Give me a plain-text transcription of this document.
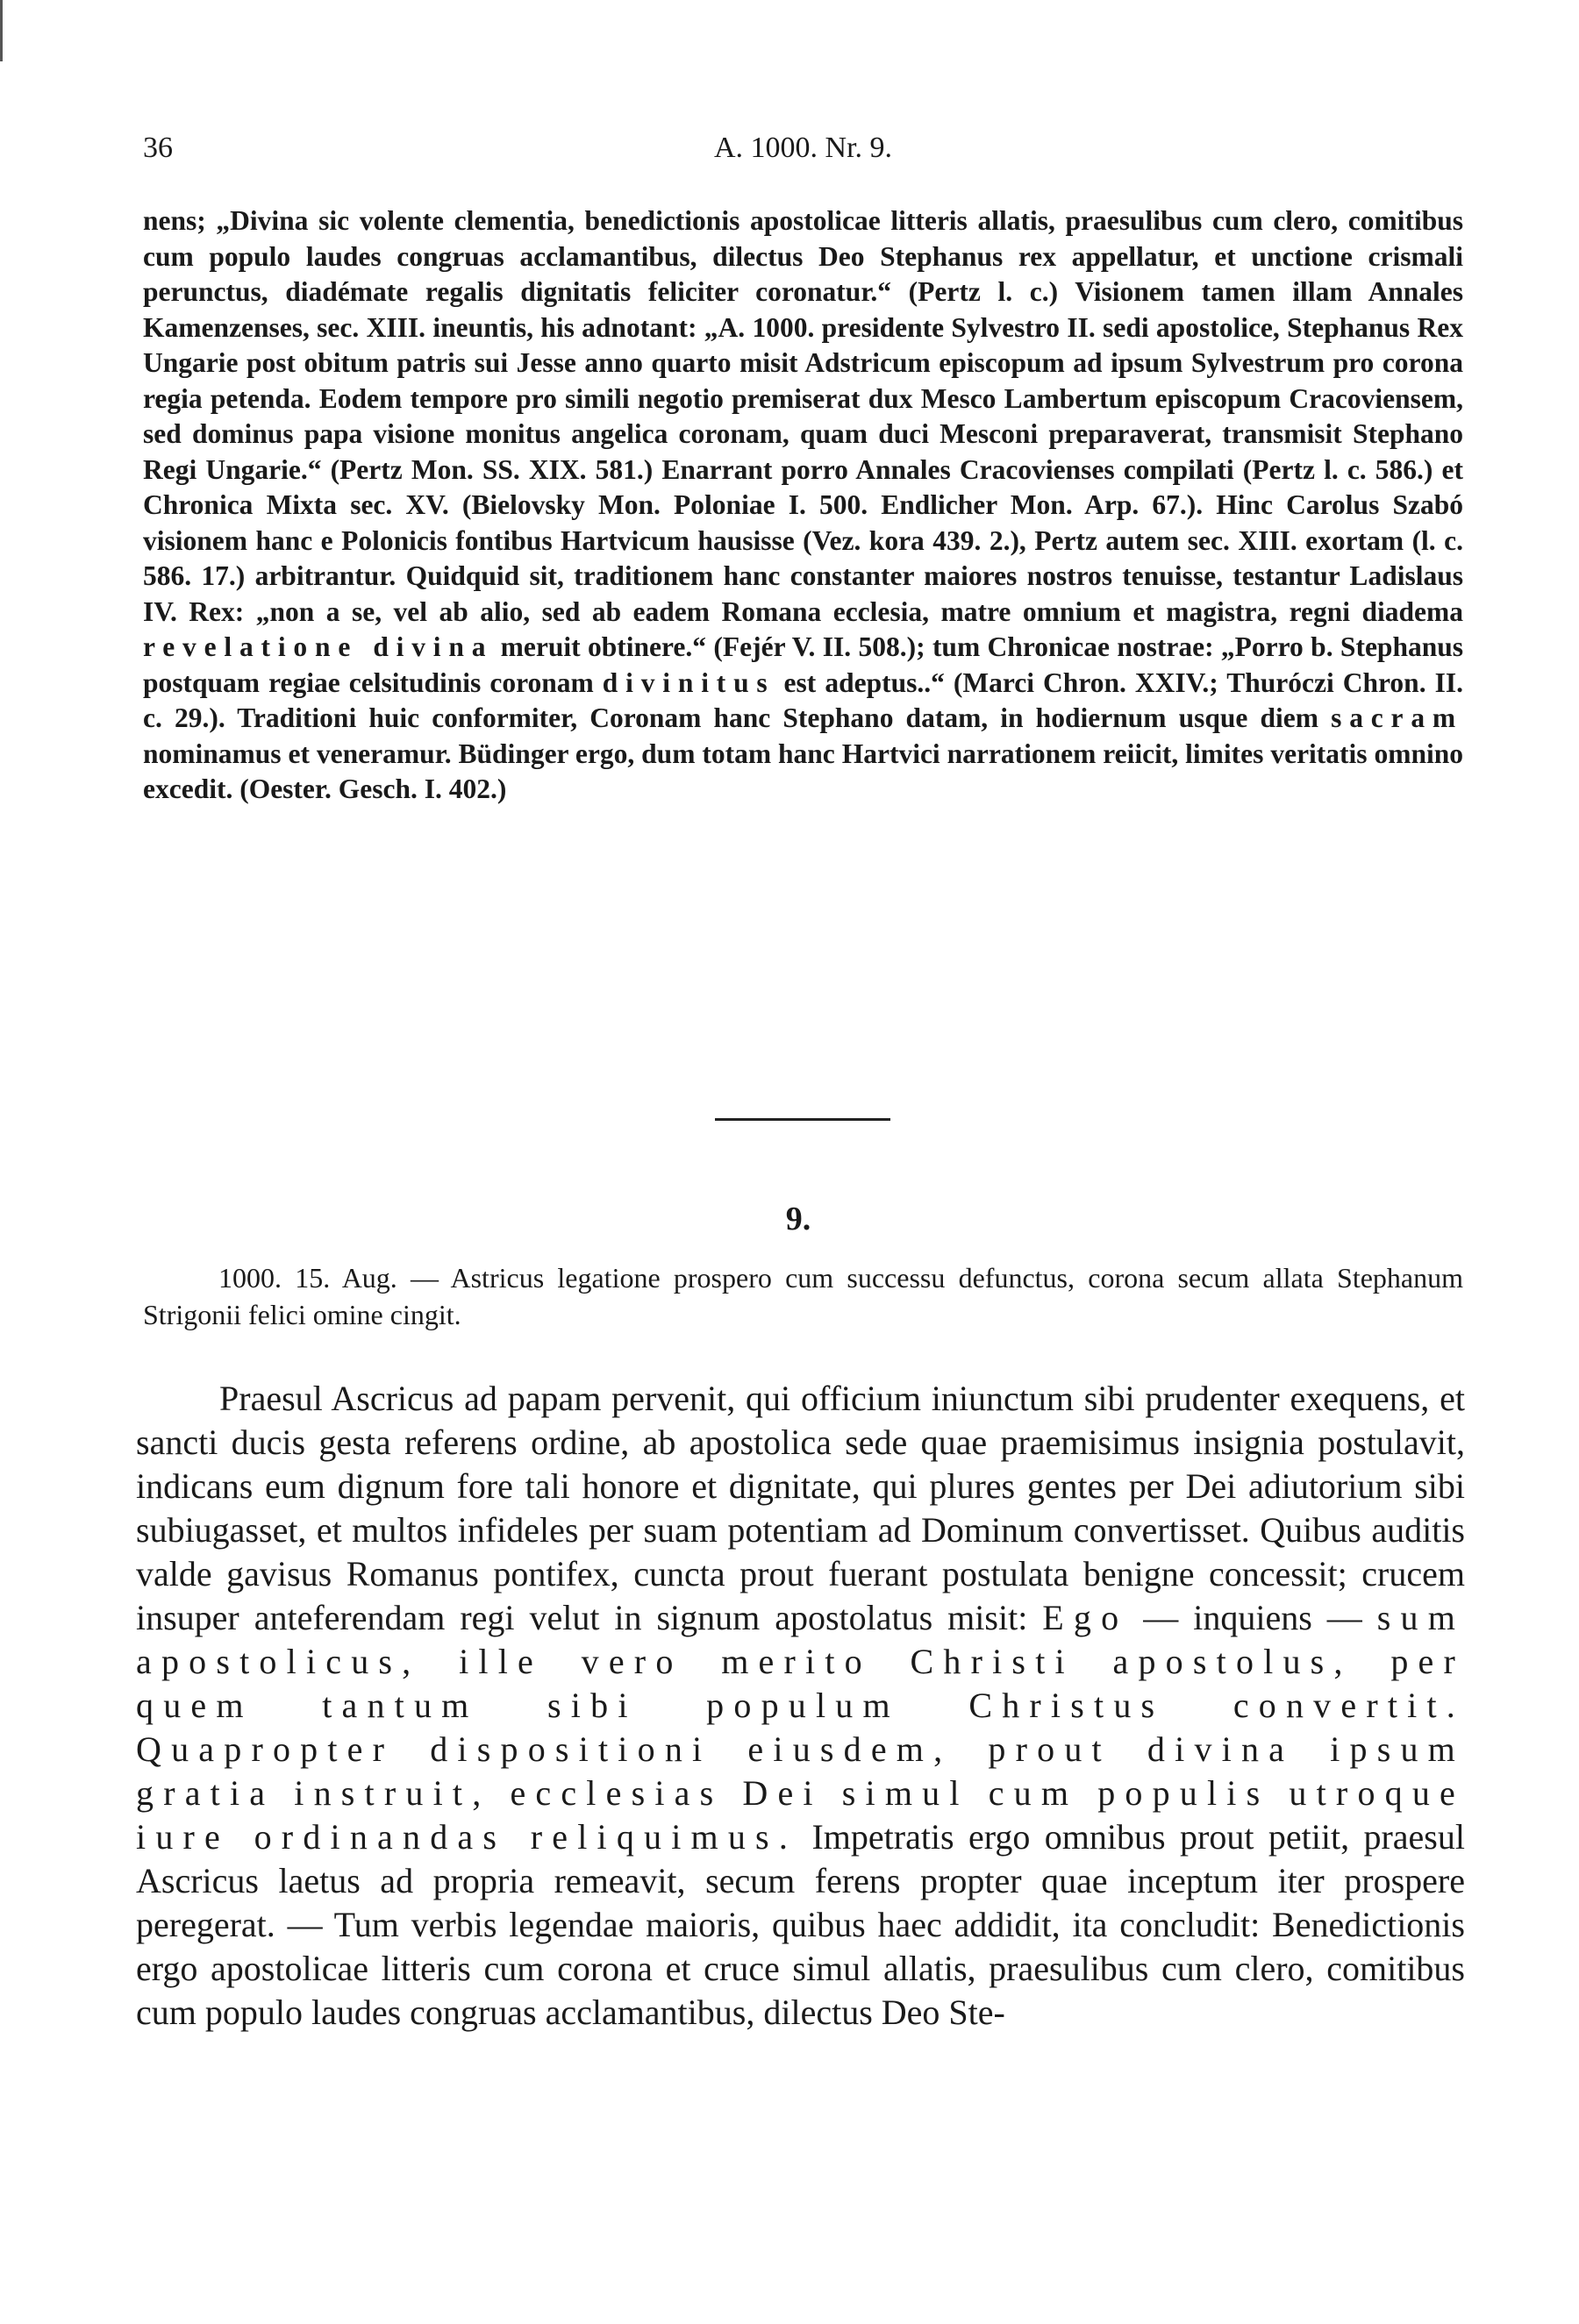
36	A. 1000. Nr. 9.

nens; „Divina sic volente clementia, benedictionis apostolicae litteris allatis, praesulibus cum clero, comitibus cum populo laudes congruas acclamantibus, dilectus Deo Stephanus rex appellatur, et unctione crismali perunctus, diadémate regalis dignitatis feliciter coronatur.“ (Pertz l. c.) Visionem tamen illam Annales Kamenzenses, sec. XIII. ineuntis, his adnotant: „A. 1000. presidente Sylvestro II. sedi apostolice, Stephanus Rex Ungarie post obitum patris sui Jesse anno quarto misit Adstricum episcopum ad ipsum Sylvestrum pro corona regia petenda. Eodem tempore pro simili negotio premiserat dux Mesco Lambertum episcopum Cracoviensem, sed dominus papa visione monitus angelica coronam, quam duci Mesconi preparaverat, transmisit Stephano Regi Ungarie.“ (Pertz Mon. SS. XIX. 581.) Enarrant porro Annales Cracovienses compilati (Pertz l. c. 586.) et Chronica Mixta sec. XV. (Bielovsky Mon. Poloniae I. 500. Endlicher Mon. Arp. 67.). Hinc Carolus Szabó visionem hanc e Polonicis fontibus Hartvicum hausisse (Vez. kora 439. 2.), Pertz autem sec. XIII. exortam (l. c. 586. 17.) arbitrantur. Quidquid sit, traditionem hanc constanter maiores nostros tenuisse, testantur Ladislaus IV. Rex: „non a se, vel ab alio, sed ab eadem Romana ecclesia, matre omnium et magistra, regni diadema revelatione divina meruit obtinere.“ (Fejér V. II. 508.); tum Chronicae nostrae: „Porro b. Stephanus postquam regiae celsitudinis coronam divinitus est adeptus..“ (Marci Chron. XXIV.; Thuróczi Chron. II. c. 29.). Traditioni huic conformiter, Coronam hanc Stephano datam, in hodiernum usque diem sacram nominamus et veneramur. Büdinger ergo, dum totam hanc Hartvici narrationem reiicit, limites veritatis omnino excedit. (Oester. Gesch. I. 402.)

9.
1000. 15. Aug. — Astricus legatione prospero cum successu defunctus, corona secum allata Stephanum Strigonii felici omine cingit.

Praesul Ascricus ad papam pervenit, qui officium iniunctum sibi prudenter exequens, et sancti ducis gesta referens ordine, ab apostolica sede quae praemisimus insignia postulavit, indicans eum dignum fore tali honore et dignitate, qui plures gentes per Dei adiutorium sibi subiugasset, et multos infideles per suam potentiam ad Dominum convertisset. Quibus auditis valde gavisus Romanus pontifex, cuncta prout fuerant postulata benigne concessit; crucem insuper anteferendam regi velut in signum apostolatus misit: Ego — inquiens — sum apostolicus, ille vero merito Christi apostolus, per quem tantum sibi populum Christus convertit. Quapropter dispositioni eiusdem, prout divina ipsum gratia instruit, ecclesias Dei simul cum populis utroque iure ordinandas reliquimus. Impetratis ergo omnibus prout petiit, praesul Ascricus laetus ad propria remeavit, secum ferens propter quae inceptum iter prospere peregerat. — Tum verbis legendae maioris, quibus haec addidit, ita concludit: Benedictionis ergo apostolicae litteris cum corona et cruce simul allatis, praesulibus cum clero, comitibus cum populo laudes congruas acclamantibus, dilectus Deo Ste-
